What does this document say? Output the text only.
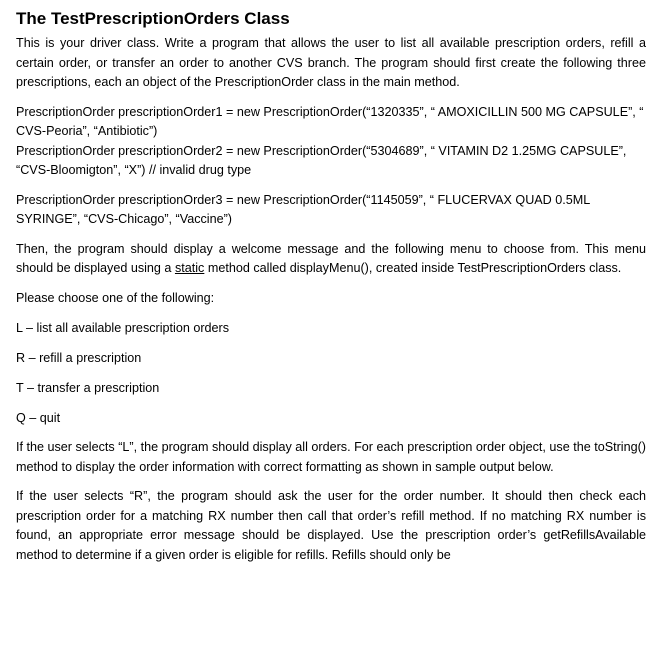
The TestPrescriptionOrders Class

This is your driver class. Write a program that allows the user to list all available prescription orders, refill a certain order, or transfer an order to another CVS branch. The program should first create the following three prescriptions, each an object of the PrescriptionOrder class in the main method.

PrescriptionOrder prescriptionOrder1 = new PrescriptionOrder(“1320335”, “ AMOXICILLIN 500 MG CAPSULE”, “ CVS-Peoria”, “Antibiotic”)

PrescriptionOrder prescriptionOrder2 = new PrescriptionOrder(“5304689”, “ VITAMIN D2 1.25MG CAPSULE”, “CVS-Bloomigton”, “X”) // invalid drug type

PrescriptionOrder prescriptionOrder3 = new PrescriptionOrder(“1145059”, “ FLUCERVAX QUAD 0.5ML SYRINGE”, “CVS-Chicago”, “Vaccine”)

Then, the program should display a welcome message and the following menu to choose from. This menu should be displayed using a static method called displayMenu(), created inside TestPrescriptionOrders class.

Please choose one of the following:

L – list all available prescription orders

R – refill a prescription

T – transfer a prescription

Q – quit

If the user selects “L”, the program should display all orders. For each prescription order object, use the toString() method to display the order information with correct formatting as shown in sample output below.

If the user selects “R”, the program should ask the user for the order number. It should then check each prescription order for a matching RX number then call that order’s refill method. If no matching RX number is found, an appropriate error message should be displayed. Use the prescription order’s getRefillsAvailable method to determine if a given order is eligible for refills. Refills should only be
